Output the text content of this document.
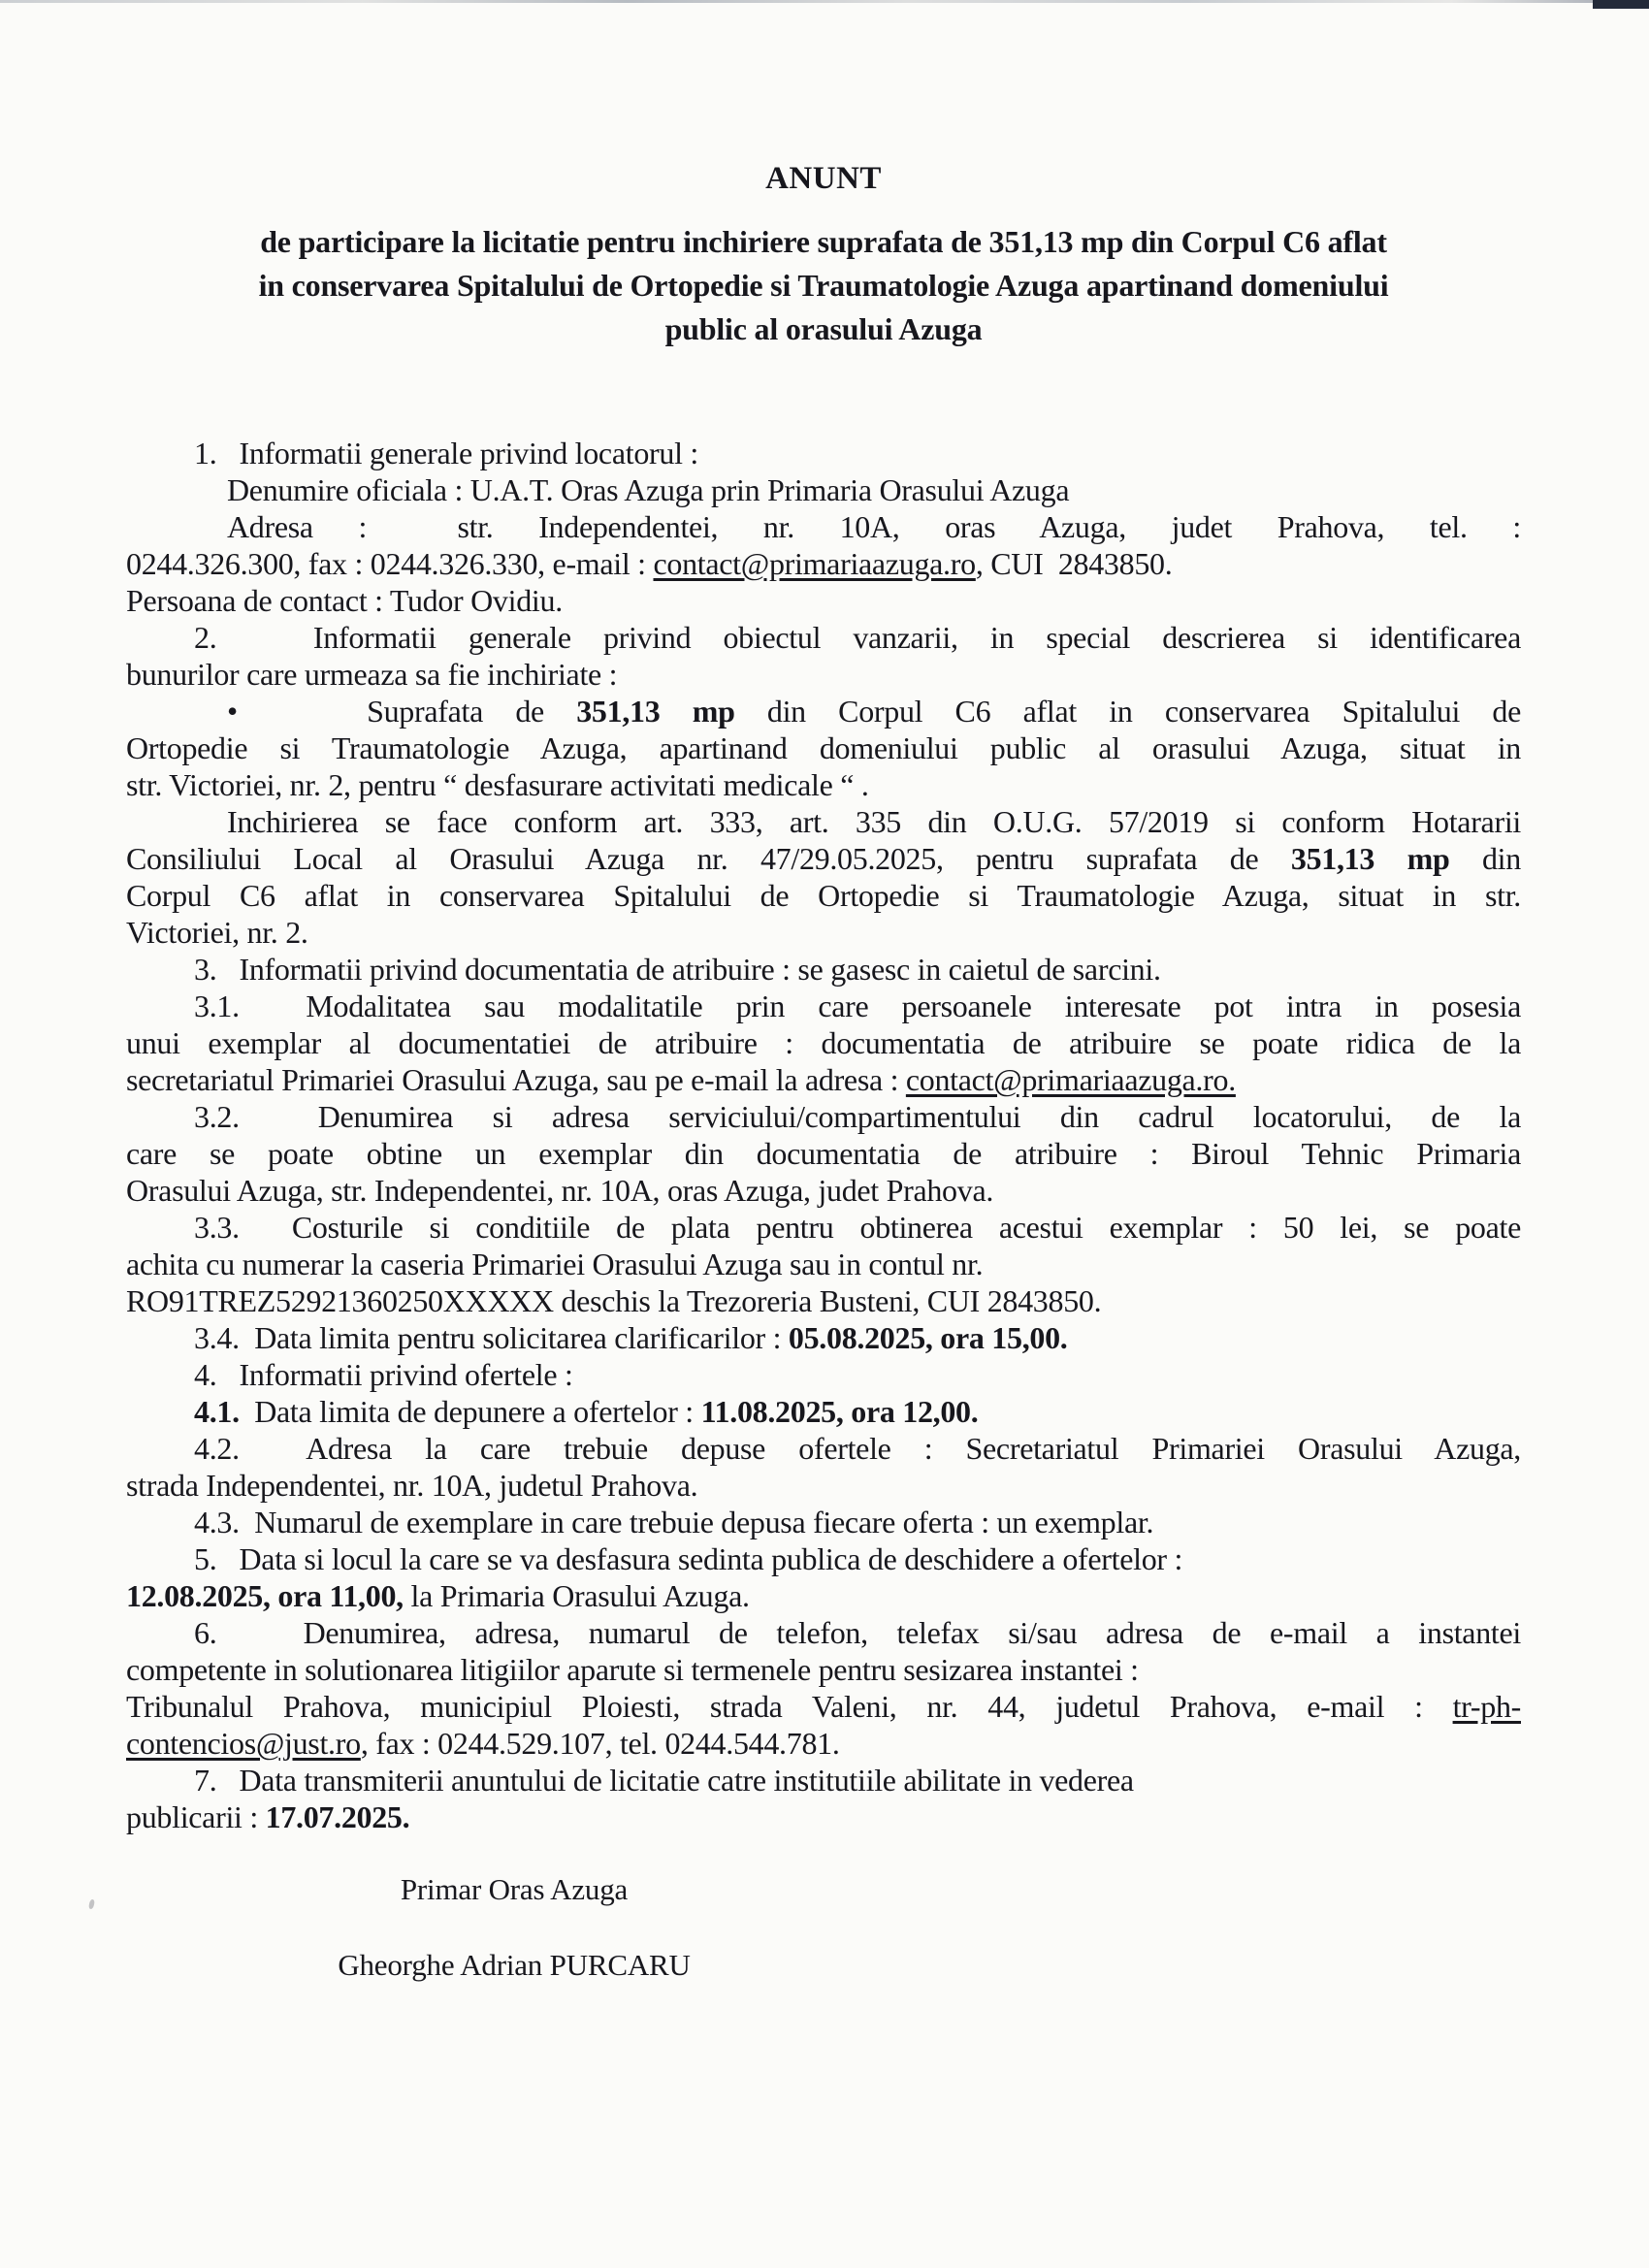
ANUNT
de participare la licitatie pentru inchiriere suprafata de 351,13 mp din Corpul C6 aflat
in conservarea Spitalului de Ortopedie si Traumatologie Azuga apartinand domeniului
public al orasului Azuga
1.   Informatii generale privind locatorul :
Denumire oficiala : U.A.T. Oras Azuga prin Primaria Orasului Azuga
Adresa :  str. Independentei, nr. 10A, oras Azuga, judet Prahova, tel. :
0244.326.300, fax : 0244.326.330, e-mail : contact@primariaazuga.ro, CUI  2843850.
Persoana de contact : Tudor Ovidiu.
2.   Informatii generale privind obiectul vanzarii, in special descrierea si identificarea
bunurilor care urmeaza sa fie inchiriate :
•    Suprafata de 351,13 mp din Corpul C6 aflat in conservarea Spitalului de
Ortopedie si Traumatologie Azuga, apartinand domeniului public al orasului Azuga, situat in
str. Victoriei, nr. 2, pentru “ desfasurare activitati medicale “ .
Inchirierea se face conform art. 333, art. 335 din O.U.G. 57/2019 si conform Hotararii
Consiliului Local al Orasului Azuga nr. 47/29.05.2025, pentru suprafata de 351,13 mp din
Corpul C6 aflat in conservarea Spitalului de Ortopedie si Traumatologie Azuga, situat in str.
Victoriei, nr. 2.
3.   Informatii privind documentatia de atribuire : se gasesc in caietul de sarcini.
3.1.  Modalitatea sau modalitatile prin care persoanele interesate pot intra in posesia
unui exemplar al documentatiei de atribuire : documentatia de atribuire se poate ridica de la
secretariatul Primariei Orasului Azuga, sau pe e-mail la adresa : contact@primariaazuga.ro.
3.2.  Denumirea si adresa serviciului/compartimentului din cadrul locatorului, de la
care se poate obtine un exemplar din documentatia de atribuire : Biroul Tehnic Primaria
Orasului Azuga, str. Independentei, nr. 10A, oras Azuga, judet Prahova.
3.3.  Costurile si conditiile de plata pentru obtinerea acestui exemplar : 50 lei, se poate
achita cu numerar la caseria Primariei Orasului Azuga sau in contul nr.
RO91TREZ52921360250XXXXX deschis la Trezoreria Busteni, CUI 2843850.
3.4.  Data limita pentru solicitarea clarificarilor : 05.08.2025, ora 15,00.
4.   Informatii privind ofertele :
4.1.  Data limita de depunere a ofertelor : 11.08.2025, ora 12,00.
4.2.  Adresa la care trebuie depuse ofertele : Secretariatul Primariei Orasului Azuga,
strada Independentei, nr. 10A, judetul Prahova.
4.3.  Numarul de exemplare in care trebuie depusa fiecare oferta : un exemplar.
5.   Data si locul la care se va desfasura sedinta publica de deschidere a ofertelor :
12.08.2025, ora 11,00, la Primaria Orasului Azuga.
6.   Denumirea, adresa, numarul de telefon, telefax si/sau adresa de e-mail a instantei
competente in solutionarea litigiilor aparute si termenele pentru sesizarea instantei :
Tribunalul Prahova, municipiul Ploiesti, strada Valeni, nr. 44, judetul Prahova, e-mail : tr-ph-
contencios@just.ro, fax : 0244.529.107, tel. 0244.544.781.
7.   Data transmiterii anuntului de licitatie catre institutiile abilitate in vederea
publicarii : 17.07.2025.
Primar Oras Azuga
Gheorghe Adrian PURCARU
